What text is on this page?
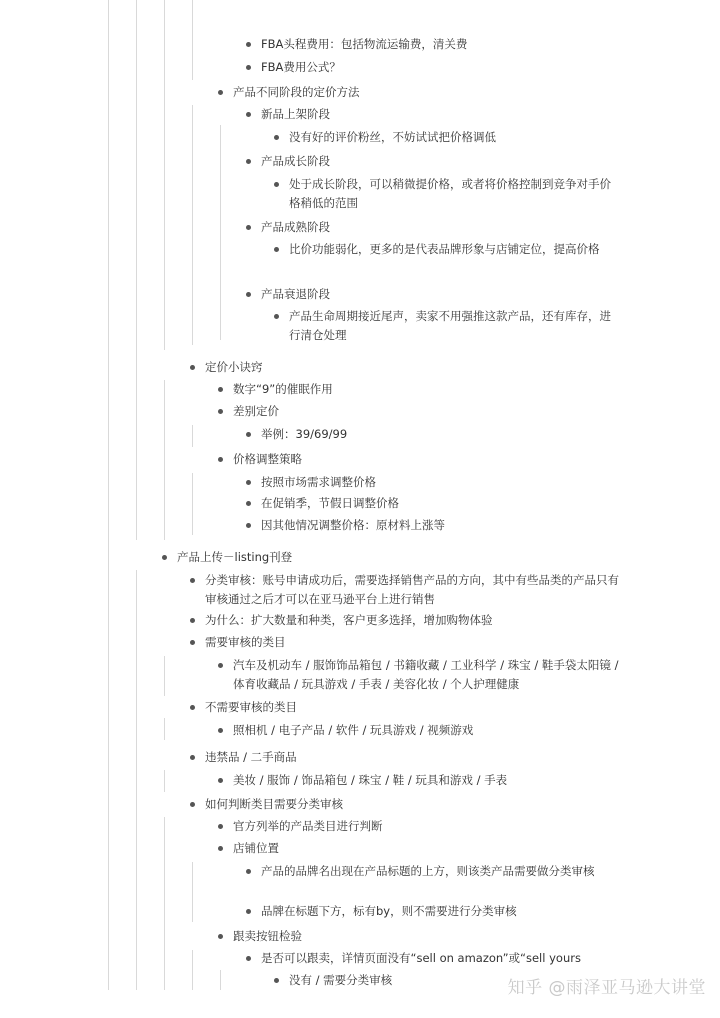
FBA头程费用：包括物流运输费，清关费
FBA费用公式？
产品不同阶段的定价方法
新品上架阶段
没有好的评价粉丝，不妨试试把价格调低
产品成长阶段
处于成长阶段，可以稍微提价格，或者将价格控制到竞争对手价格稍低的范围
产品成熟阶段
比价功能弱化，更多的是代表品牌形象与店铺定位，提高价格
产品衰退阶段
产品生命周期接近尾声，卖家不用强推这款产品，还有库存，进行清仓处理
定价小诀窍
数字“9”的催眠作用
差别定价
举例：39/69/99
价格调整策略
按照市场需求调整价格
在促销季，节假日调整价格
因其他情况调整价格：原材料上涨等
产品上传－listing刊登
分类审核：账号申请成功后，需要选择销售产品的方向，其中有些品类的产品只有审核通过之后才可以在亚马逊平台上进行销售
为什么：扩大数量和种类，客户更多选择，增加购物体验
需要审核的类目
汽车及机动车 / 服饰饰品箱包 / 书籍收藏 / 工业科学 / 珠宝 / 鞋手袋太阳镜 / 体育收藏品 / 玩具游戏 / 手表 / 美容化妆 / 个人护理健康
不需要审核的类目
照相机 / 电子产品 / 软件 / 玩具游戏 / 视频游戏
违禁品 / 二手商品
美妆 / 服饰 / 饰品箱包 / 珠宝 / 鞋 / 玩具和游戏 / 手表
如何判断类目需要分类审核
官方列举的产品类目进行判断
店铺位置
产品的品牌名出现在产品标题的上方，则该类产品需要做分类审核
品牌在标题下方，标有by，则不需要进行分类审核
跟卖按钮检验
是否可以跟卖，详情页面没有“sell on amazon”或“sell yours
没有 / 需要分类审核	知乎 @雨泽亚马逊大讲堂
